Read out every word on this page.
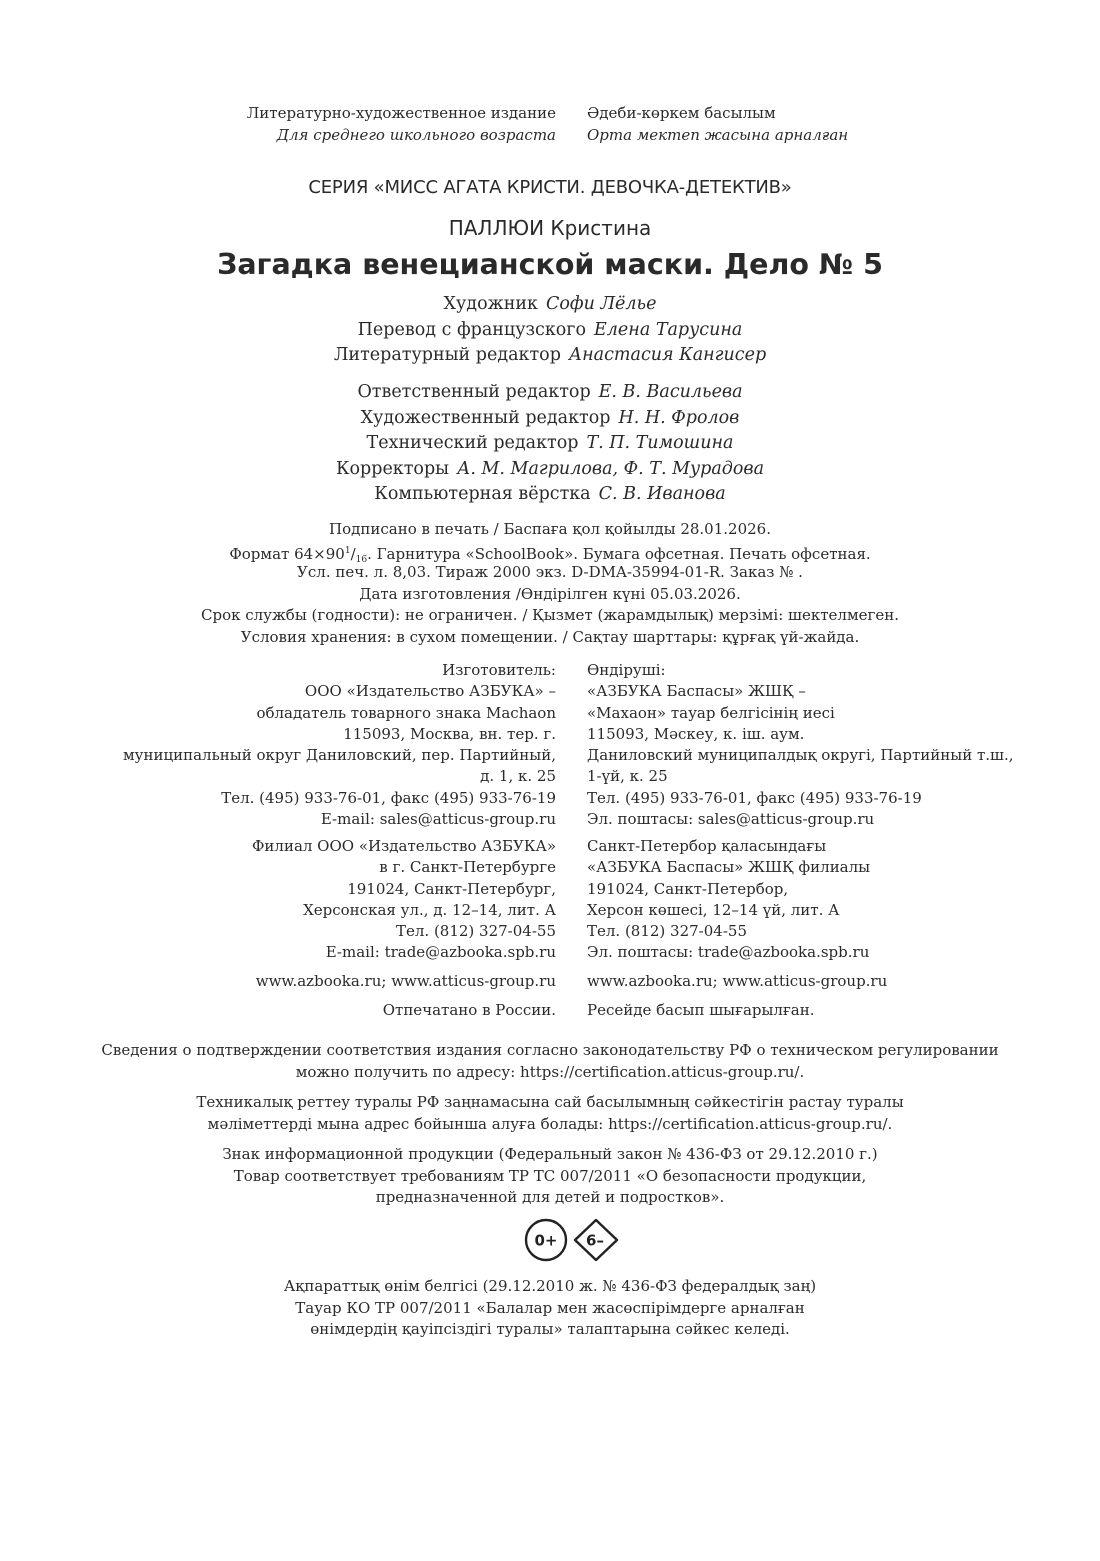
Литературно-художественное издание Әдеби-көркем басылым
Для среднего школьного возраста Орта мектеп жасына арналған
СЕРИЯ «МИСС АГАТА КРИСТИ. ДЕВОЧКА-ДЕТЕКТИВ»
ПАЛЛЮИ Кристина
Загадка венецианской маски. Дело № 5
Художник Софи Лёлье
Перевод с французского Елена Тарусина
Литературный редактор Анастасия Кангисер
Ответственный редактор Е. В. Васильева
Художественный редактор Н. Н. Фролов
Технический редактор Т. П. Тимошина
Корректоры А. М. Магрилова, Ф. Т. Мурадова
Компьютерная вёрстка С. В. Иванова
Подписано в печать / Баспаға қол қойылды 28.01.2026.
Формат $64\times 90^1/_{16}$. Гарнитура «SchoolBook». Бумага офсетная. Печать офсетная.
Усл. печ. л. 8,03. Тираж 2000 экз. D-DMA-35994-01-R. Заказ № .
Дата изготовления /Өндірілген күні 05.03.2026.
Срок службы (годности): не ограничен. / Қызмет (жарамдылық) мерзімі: шектелмеген.
Условия хранения: в сухом помещении. / Сақтау шарттары: құрғақ үй-жайда.
Изготовитель:
ООО «Издательство АЗБУКА» –
обладатель товарного знака Machaon
115093, Москва, вн. тер. г.
муниципальный округ Даниловский, пер. Партийный,
д. 1, к. 25
Тел. (495) 933-76-01, факс (495) 933-76-19
E-mail: sales@atticus-group.ru
Өндіруші:
«АЗБУКА Баспасы» ЖШҚ –
«Махаон» тауар белгісінің иесі
115093, Мәскеу, к. іш. аум.
Даниловский муниципалдық округі, Партийный т.ш.,
1-үй, к. 25
Тел. (495) 933-76-01, факс (495) 933-76-19
Эл. поштасы: sales@atticus-group.ru
Филиал ООО «Издательство АЗБУКА»
в г. Санкт-Петербурге
191024, Санкт-Петербург,
Херсонская ул., д. 12–14, лит. А
Тел. (812) 327-04-55
E-mail: trade@azbooka.spb.ru
Санкт-Петербор қаласындағы
«АЗБУКА Баспасы» ЖШҚ филиалы
191024, Санкт-Петербор,
Херсон көшесі, 12–14 үй, лит. А
Тел. (812) 327-04-55
Эл. поштасы: trade@azbooka.spb.ru
www.azbooka.ru; www.atticus-group.ru www.azbooka.ru; www.atticus-group.ru
Отпечатано в России. Ресейде басып шығарылған.
Сведения о подтверждении соответствия издания согласно законодательству РФ о техническом регулировании
можно получить по адресу: https://certification.atticus-group.ru/.
Техникалық реттеу туралы РФ заңнамасына сай басылымның сәйкестігін растау туралы
мәліметтерді мына адрес бойынша алуға болады: https://certification.atticus-group.ru/.
Знак информационной продукции (Федеральный закон № 436-ФЗ от 29.12.2010 г.)
Товар соответствует требованиям ТР ТС 007/2011 «О безопасности продукции,
предназначенной для детей и подростков».
0+ 6–
Ақпараттық өнім белгісі (29.12.2010 ж. № 436-ФЗ федералдық заң)
Тауар КО ТР 007/2011 «Балалар мен жасөспірімдерге арналған
өнімдердің қауіпсіздігі туралы» талаптарына сәйкес келеді.
